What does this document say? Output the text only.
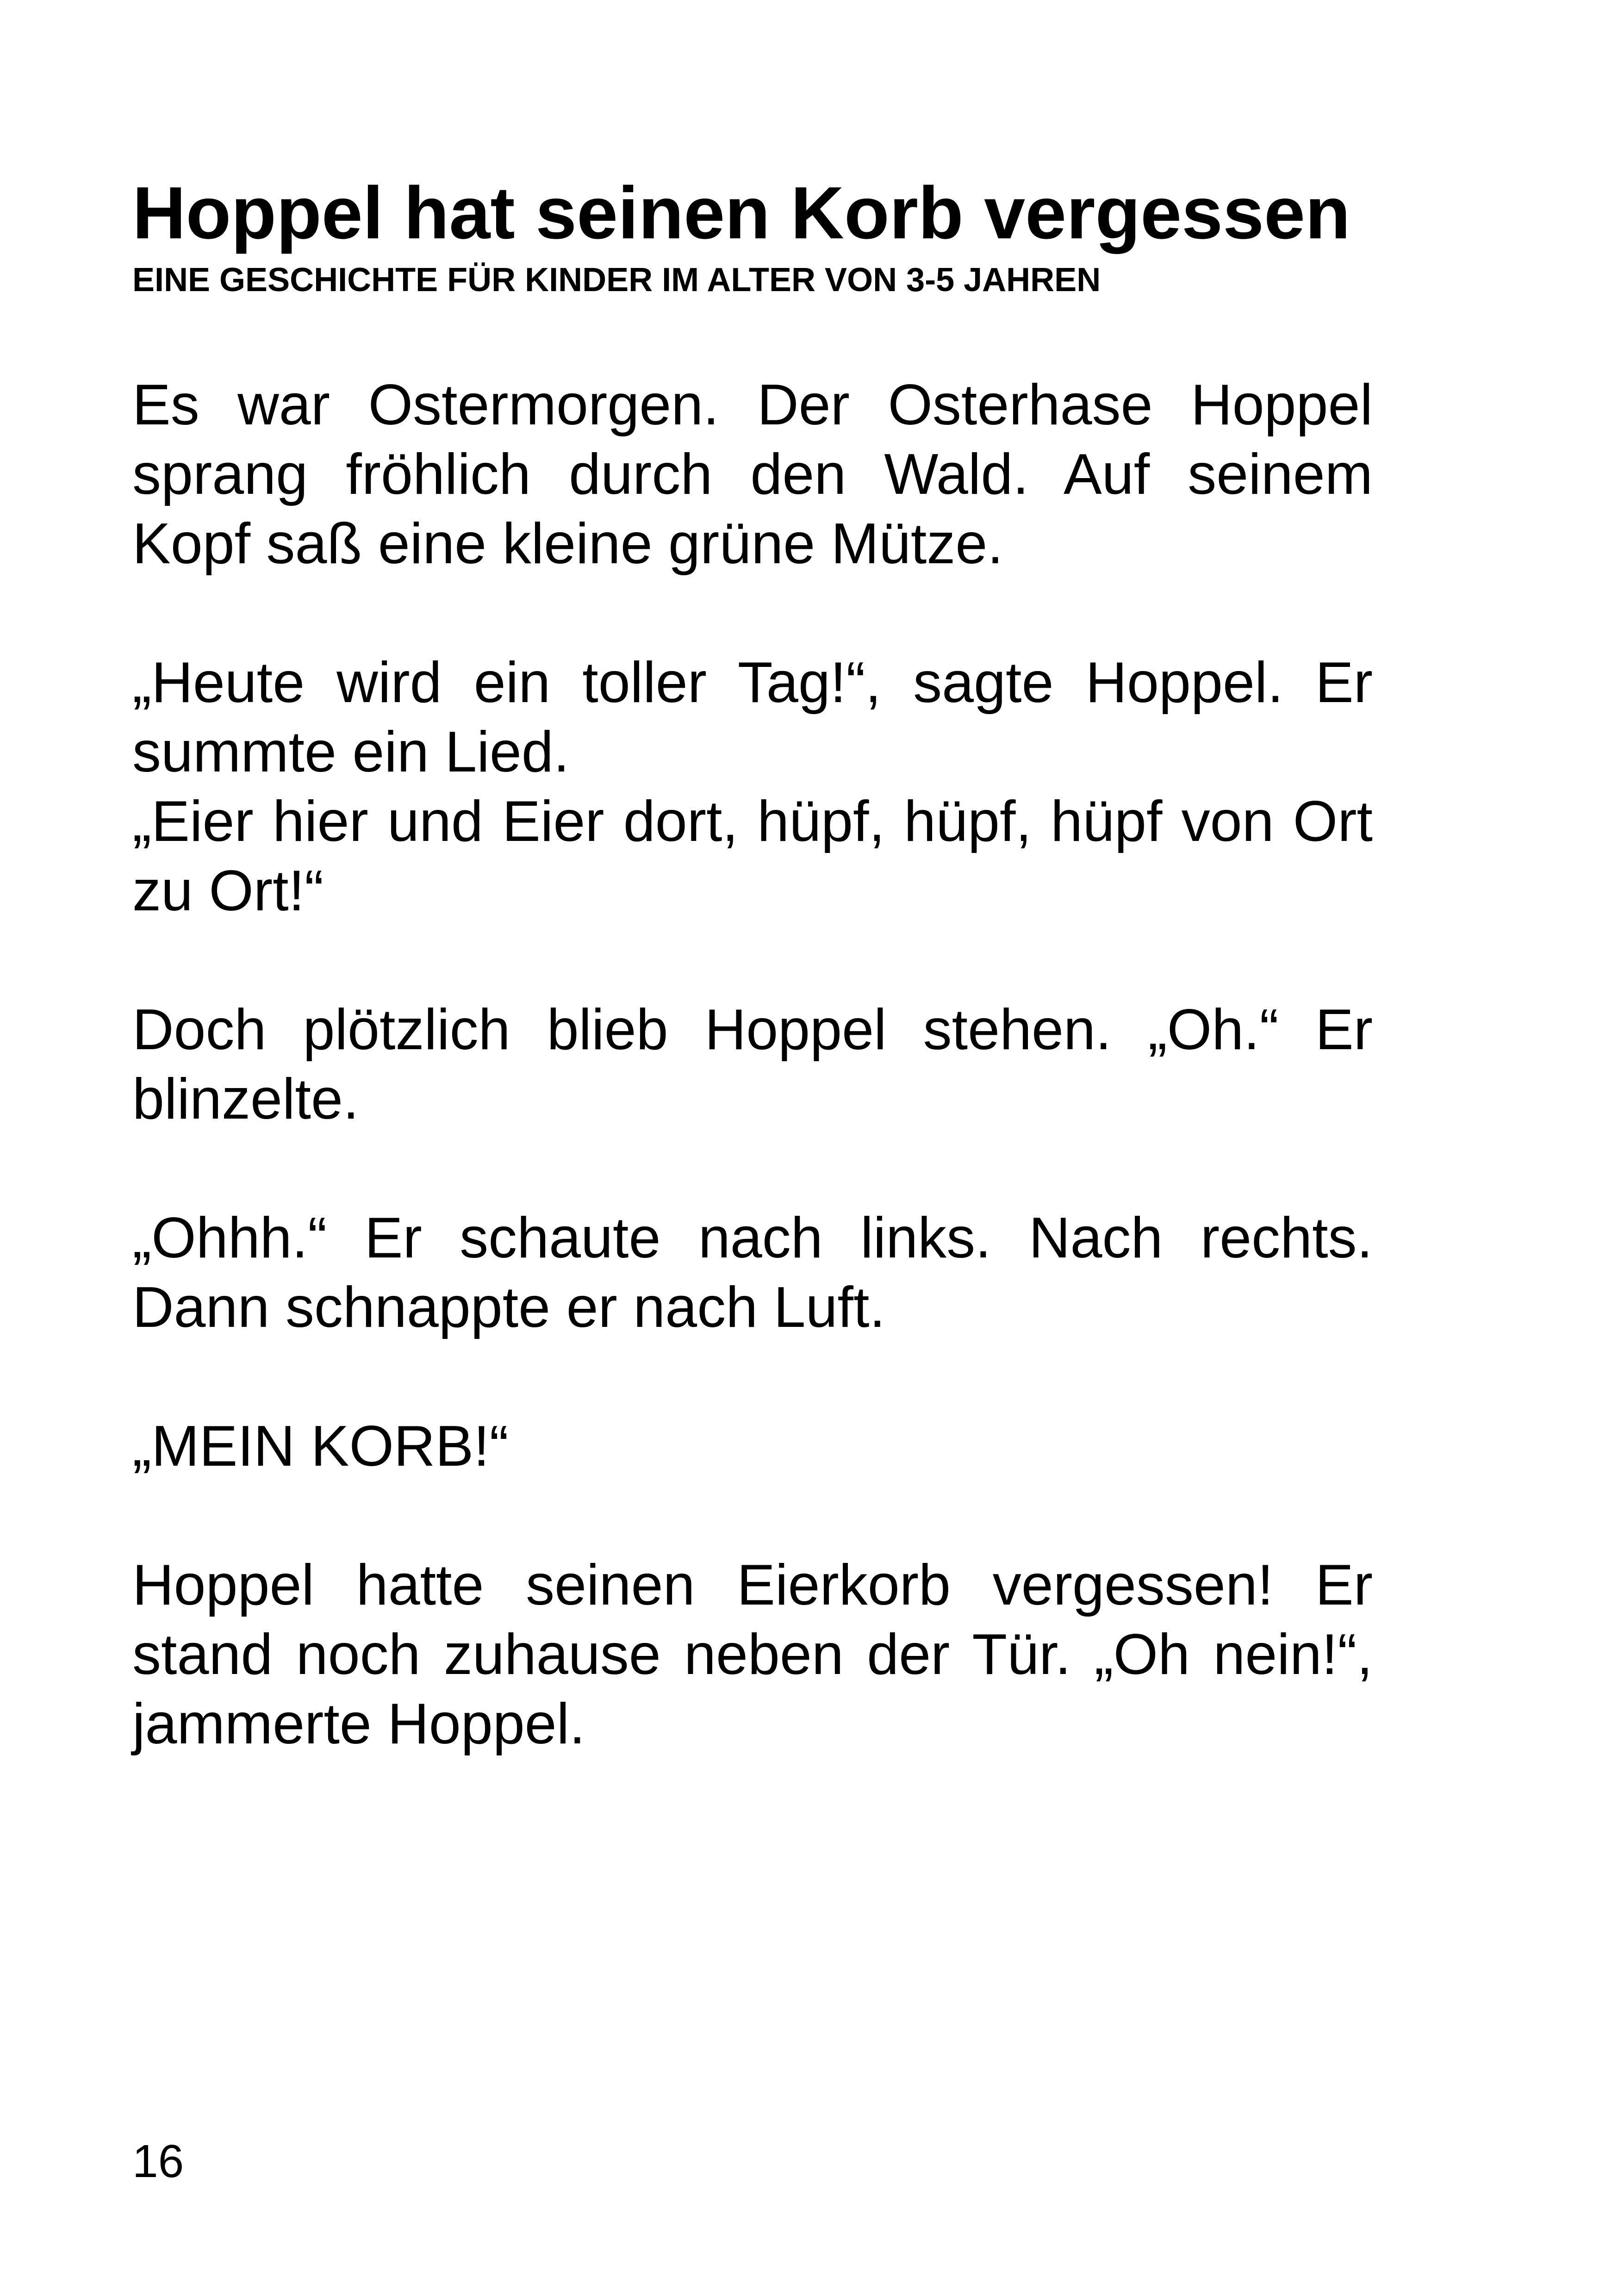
Hoppel hat seinen Korb vergessen
EINE GESCHICHTE FÜR KINDER IM ALTER VON 3-5 JAHREN

Es war Ostermorgen. Der Osterhase Hoppel sprang fröhlich durch den Wald. Auf seinem Kopf saß eine kleine grüne Mütze.

„Heute wird ein toller Tag!“, sagte Hoppel. Er summte ein Lied.
„Eier hier und Eier dort, hüpf, hüpf, hüpf von Ort zu Ort!“

Doch plötzlich blieb Hoppel stehen. „Oh.“ Er blinzelte.

„Ohhh.“ Er schaute nach links. Nach rechts. Dann schnappte er nach Luft.

„MEIN KORB!“

Hoppel hatte seinen Eierkorb vergessen! Er stand noch zuhause neben der Tür. „Oh nein!“, jammerte Hoppel.

16
